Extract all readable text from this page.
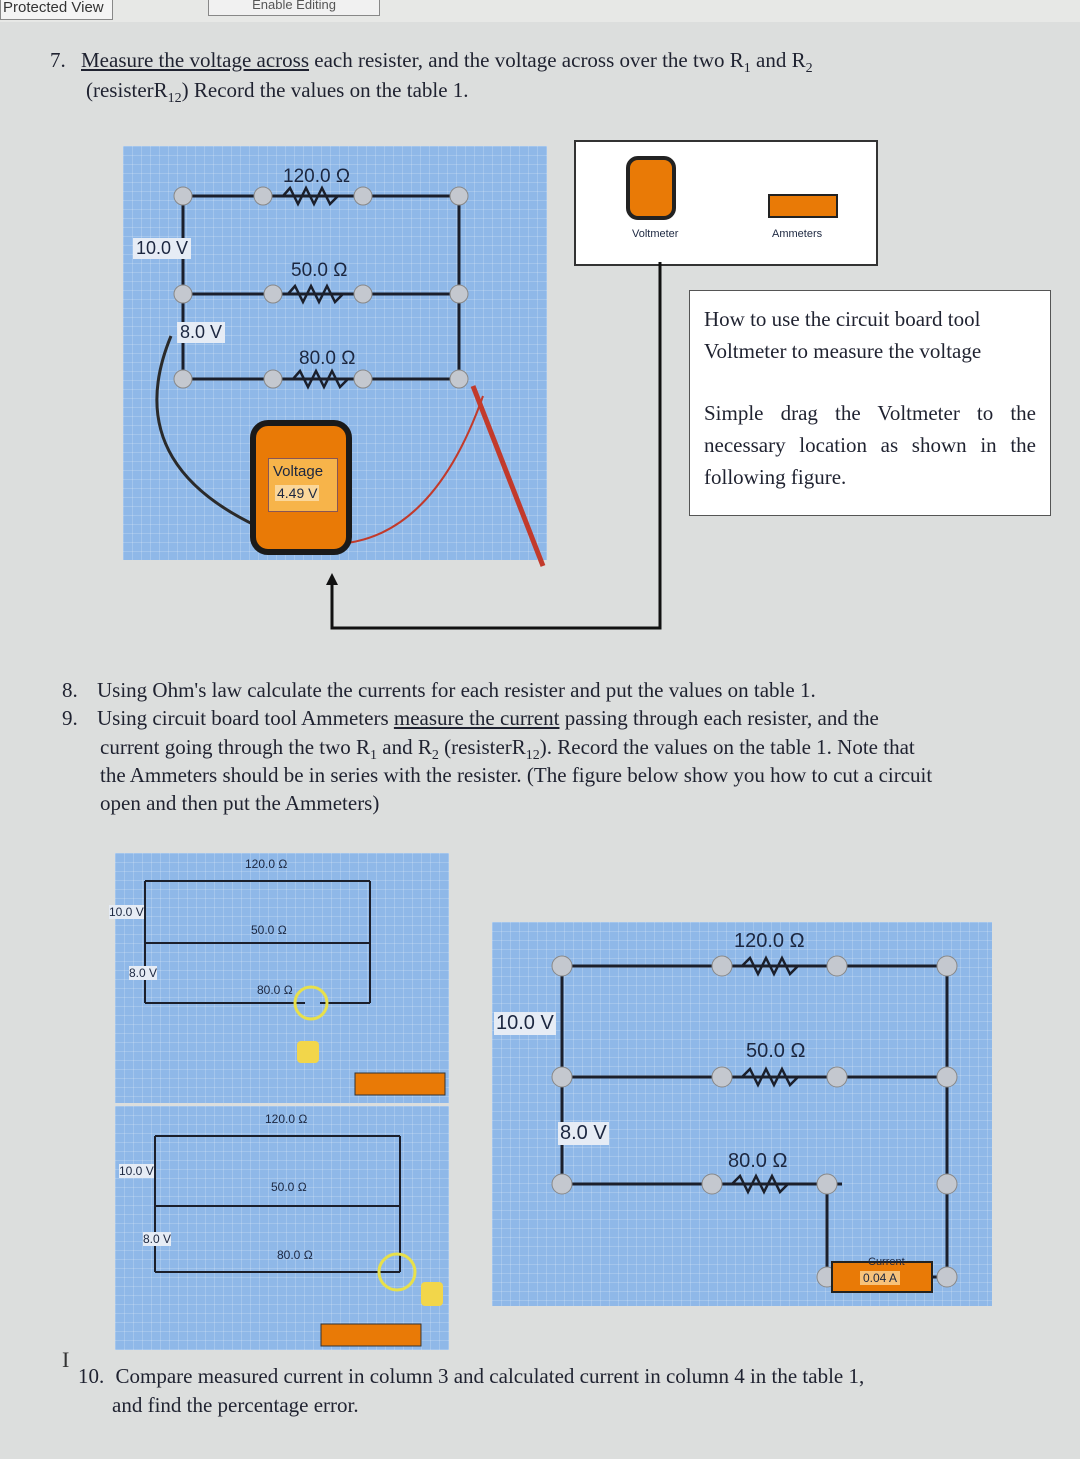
Protected View	Enable Editing
7. Measure the voltage across each resister, and the voltage across over the two $R_1$ and $R_2$
(resisterR$_{12}$) Record the values on the table 1.
120.0 Ω
50.0 Ω
80.0 Ω
10.0 V
8.0 V
Voltage
4.49 V
Voltmeter	Ammeters
How to use the circuit board tool Voltmeter to measure the voltage
Simple drag the Voltmeter to the necessary location as shown in the following figure.
8. Using Ohm's law calculate the currents for each resister and put the values on table 1.
9. Using circuit board tool Ammeters measure the current passing through each resister, and the
current going through the two $R_1$ and $R_2$ (resisterR$_{12}$). Record the values on the table 1. Note that
the Ammeters should be in series with the resister. (The figure below show you how to cut a circuit
open and then put the Ammeters)
120.0 Ω
50.0 Ω
80.0 Ω
10.0 V
8.0 V
120.0 Ω
50.0 Ω
80.0 Ω
10.0 V
8.0 V
120.0 Ω
50.0 Ω
80.0 Ω
10.0 V
8.0 V
Current
0.04 A
I
10. Compare measured current in column 3 and calculated current in column 4 in the table 1,
and find the percentage error.
